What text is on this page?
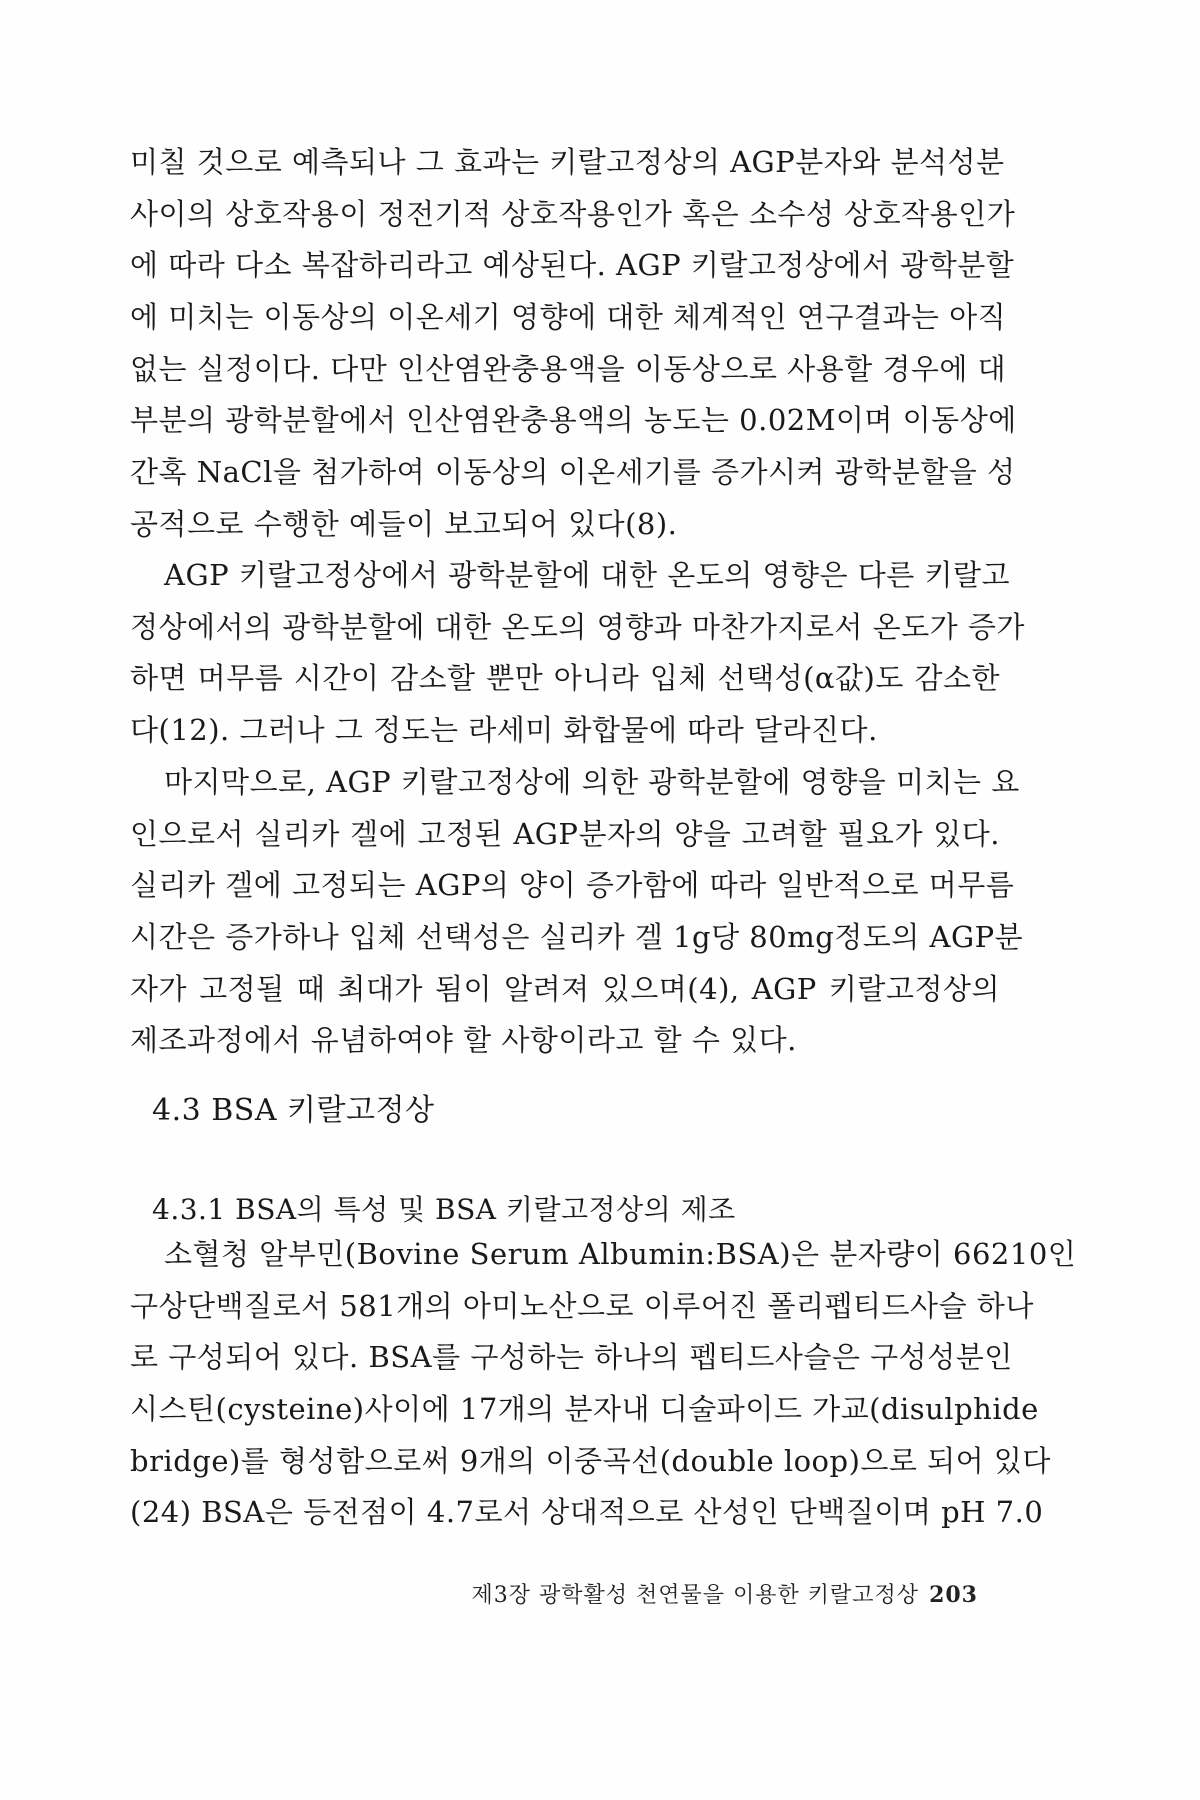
미칠 것으로 예측되나 그 효과는 키랄고정상의 AGP분자와 분석성분
사이의 상호작용이 정전기적 상호작용인가 혹은 소수성 상호작용인가
에 따라 다소 복잡하리라고 예상된다. AGP 키랄고정상에서 광학분할
에 미치는 이동상의 이온세기 영향에 대한 체계적인 연구결과는 아직
없는 실정이다. 다만 인산염완충용액을 이동상으로 사용할 경우에 대
부분의 광학분할에서 인산염완충용액의 농도는 0.02M이며 이동상에
간혹 NaCl을 첨가하여 이동상의 이온세기를 증가시켜 광학분할을 성
공적으로 수행한 예들이 보고되어 있다(8).
AGP 키랄고정상에서 광학분할에 대한 온도의 영향은 다른 키랄고
정상에서의 광학분할에 대한 온도의 영향과 마찬가지로서 온도가 증가
하면 머무름 시간이 감소할 뿐만 아니라 입체 선택성(α값)도 감소한
다(12). 그러나 그 정도는 라세미 화합물에 따라 달라진다.
마지막으로, AGP 키랄고정상에 의한 광학분할에 영향을 미치는 요
인으로서 실리카 겔에 고정된 AGP분자의 양을 고려할 필요가 있다.
실리카 겔에 고정되는 AGP의 양이 증가함에 따라 일반적으로 머무름
시간은 증가하나 입체 선택성은 실리카 겔 1g당 80mg정도의 AGP분
자가 고정될 때 최대가 됨이 알려져 있으며(4), AGP 키랄고정상의
제조과정에서 유념하여야 할 사항이라고 할 수 있다.
4.3 BSA 키랄고정상
4.3.1 BSA의 특성 및 BSA 키랄고정상의 제조
소혈청 알부민(Bovine Serum Albumin:BSA)은 분자량이 66210인
구상단백질로서 581개의 아미노산으로 이루어진 폴리펩티드사슬 하나
로 구성되어 있다. BSA를 구성하는 하나의 펩티드사슬은 구성성분인
시스틴(cysteine)사이에 17개의 분자내 디술파이드 가교(disulphide
bridge)를 형성함으로써 9개의 이중곡선(double loop)으로 되어 있다
(24) BSA은 등전점이 4.7로서 상대적으로 산성인 단백질이며 pH 7.0
제3장 광학활성 천연물을 이용한 키랄고정상 203
